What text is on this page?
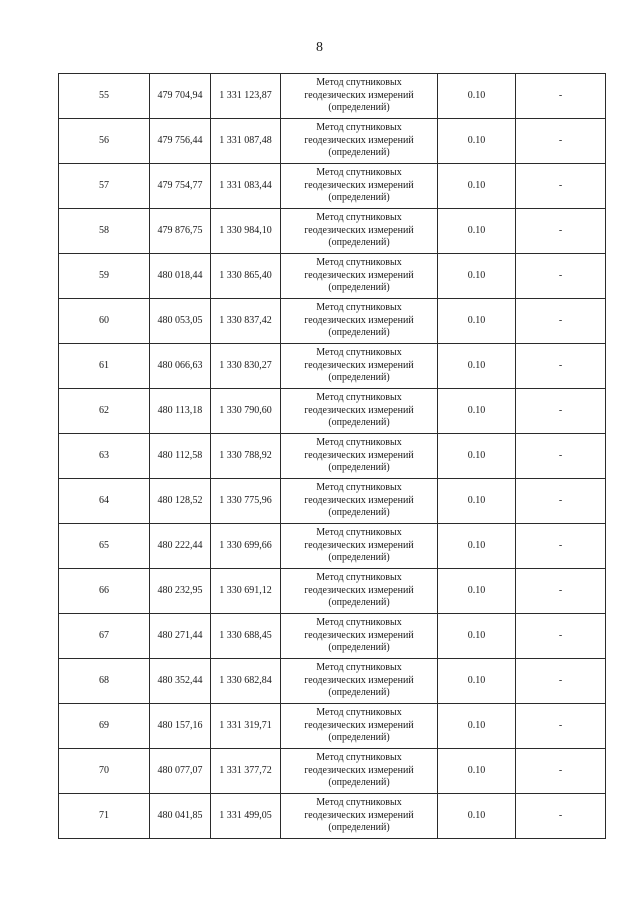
8
55	479 704,94	1 331 123,87	Метод спутниковых
геодезических измерений
(определений)	0.10	-
56	479 756,44	1 331 087,48	Метод спутниковых
геодезических измерений
(определений)	0.10	-
57	479 754,77	1 331 083,44	Метод спутниковых
геодезических измерений
(определений)	0.10	-
58	479 876,75	1 330 984,10	Метод спутниковых
геодезических измерений
(определений)	0.10	-
59	480 018,44	1 330 865,40	Метод спутниковых
геодезических измерений
(определений)	0.10	-
60	480 053,05	1 330 837,42	Метод спутниковых
геодезических измерений
(определений)	0.10	-
61	480 066,63	1 330 830,27	Метод спутниковых
геодезических измерений
(определений)	0.10	-
62	480 113,18	1 330 790,60	Метод спутниковых
геодезических измерений
(определений)	0.10	-
63	480 112,58	1 330 788,92	Метод спутниковых
геодезических измерений
(определений)	0.10	-
64	480 128,52	1 330 775,96	Метод спутниковых
геодезических измерений
(определений)	0.10	-
65	480 222,44	1 330 699,66	Метод спутниковых
геодезических измерений
(определений)	0.10	-
66	480 232,95	1 330 691,12	Метод спутниковых
геодезических измерений
(определений)	0.10	-
67	480 271,44	1 330 688,45	Метод спутниковых
геодезических измерений
(определений)	0.10	-
68	480 352,44	1 330 682,84	Метод спутниковых
геодезических измерений
(определений)	0.10	-
69	480 157,16	1 331 319,71	Метод спутниковых
геодезических измерений
(определений)	0.10	-
70	480 077,07	1 331 377,72	Метод спутниковых
геодезических измерений
(определений)	0.10	-
71	480 041,85	1 331 499,05	Метод спутниковых
геодезических измерений
(определений)	0.10	-
